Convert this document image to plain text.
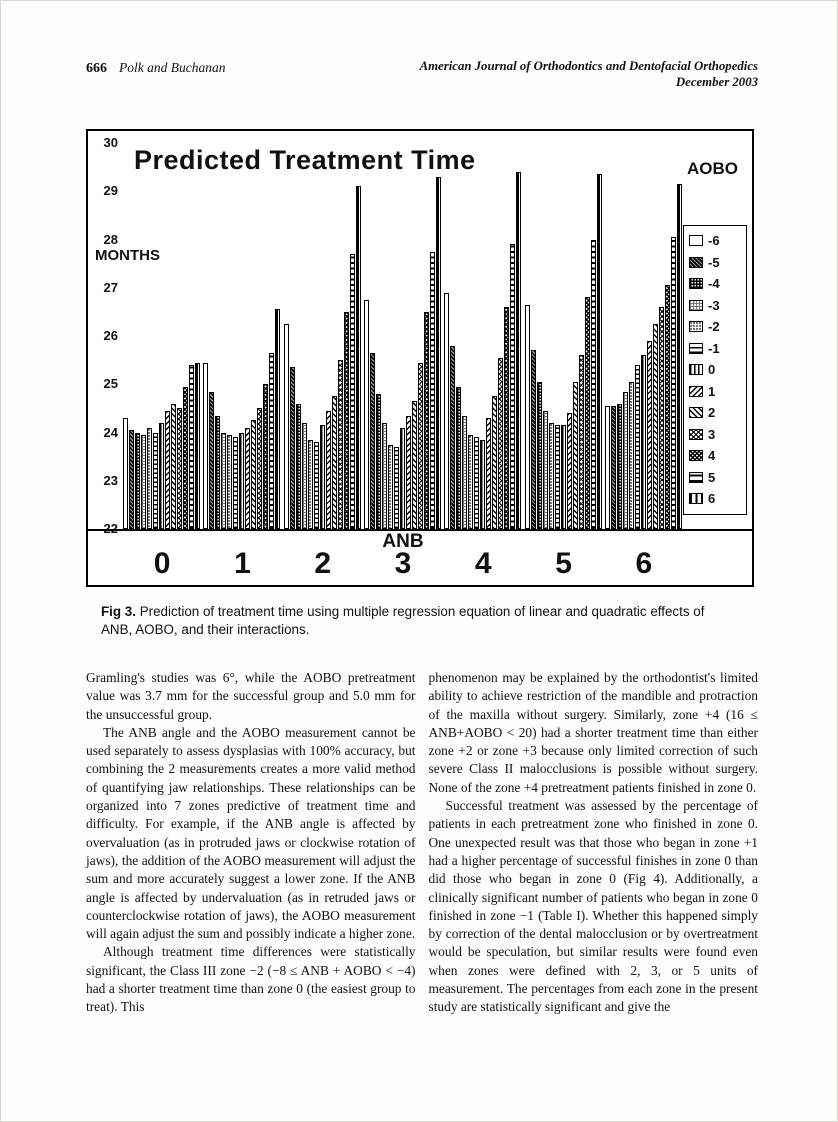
666 Polk and Buchanan	American Journal of Orthodontics and Dentofacial Orthopedics
December 2003
Predicted Treatment Time
MONTHS
AOBO
30
29
28
27
26
25
24
23
22
ANB
0	1	2	3	4	5	6
-6
-5
-4
-3
-2
-1
0
1
2
3
4
5
6
Fig 3. Prediction of treatment time using multiple regression equation of linear and quadratic effects of ANB, AOBO, and their interactions.

Gramling's studies was 6°, while the AOBO pretreatment value was 3.7 mm for the successful group and 5.0 mm for the unsuccessful group.

The ANB angle and the AOBO measurement cannot be used separately to assess dysplasias with 100% accuracy, but combining the 2 measurements creates a more valid method of quantifying jaw relationships. These relationships can be organized into 7 zones predictive of treatment time and difficulty. For example, if the ANB angle is affected by overvaluation (as in protruded jaws or clockwise rotation of jaws), the addition of the AOBO measurement will adjust the sum and more accurately suggest a lower zone. If the ANB angle is affected by undervaluation (as in retruded jaws or counterclockwise rotation of jaws), the AOBO measurement will again adjust the sum and possibly indicate a higher zone.

Although treatment time differences were statistically significant, the Class III zone −2 (−8 ≤ ANB + AOBO < −4) had a shorter treatment time than zone 0 (the easiest group to treat). This

phenomenon may be explained by the orthodontist's limited ability to achieve restriction of the mandible and protraction of the maxilla without surgery. Similarly, zone +4 (16 ≤ ANB+AOBO < 20) had a shorter treatment time than either zone +2 or zone +3 because only limited correction of such severe Class II malocclusions is possible without surgery. None of the zone +4 pretreatment patients finished in zone 0.

Successful treatment was assessed by the percentage of patients in each pretreatment zone who finished in zone 0. One unexpected result was that those who began in zone +1 had a higher percentage of successful finishes in zone 0 than did those who began in zone 0 (Fig 4). Additionally, a clinically significant number of patients who began in zone 0 finished in zone −1 (Table I). Whether this happened simply by correction of the dental malocclusion or by overtreatment would be speculation, but similar results were found even when zones were defined with 2, 3, or 5 units of measurement. The percentages from each zone in the present study are statistically significant and give the
